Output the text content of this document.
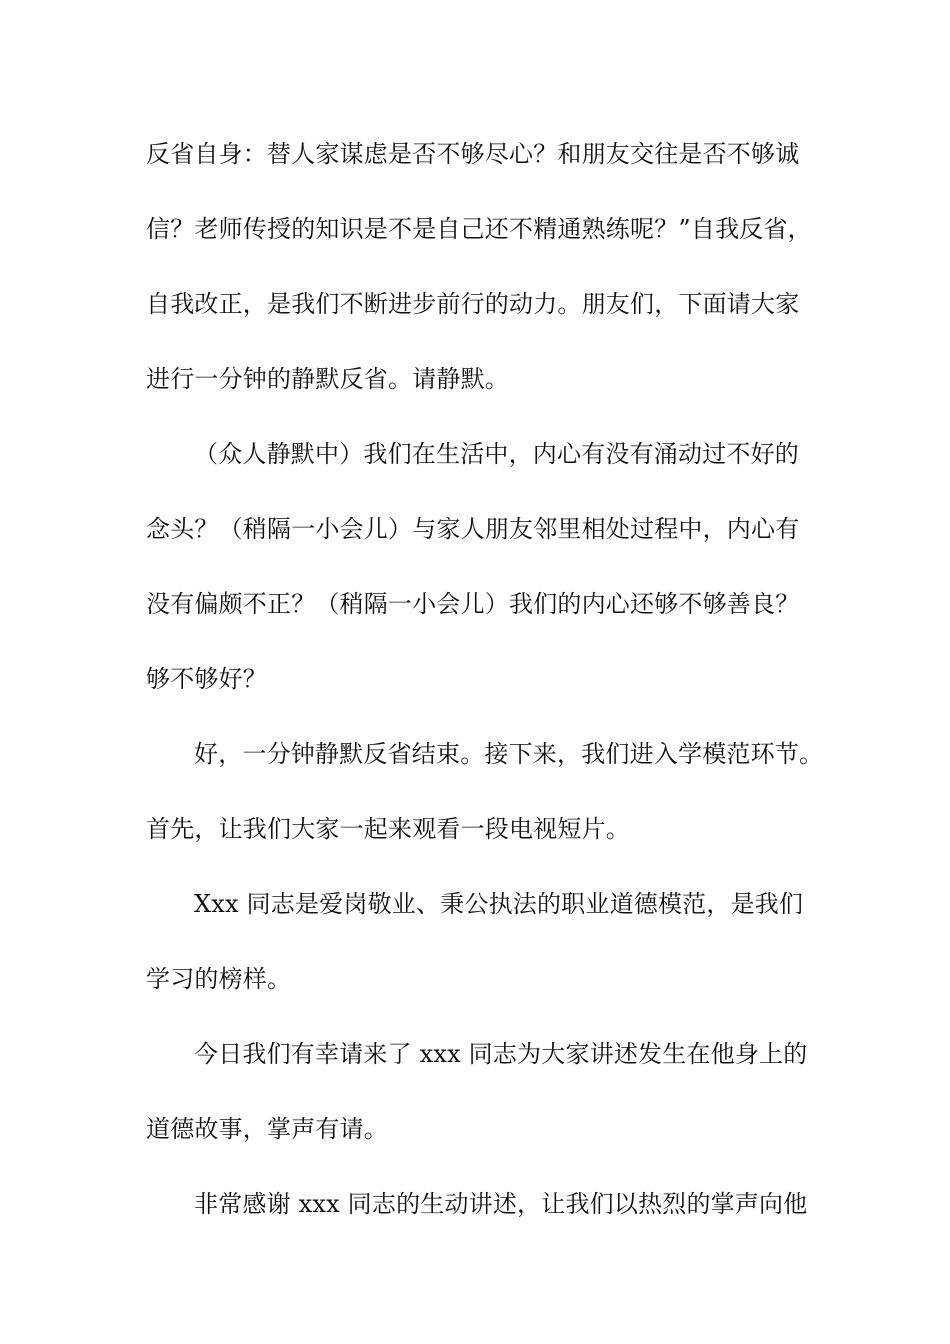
反省自身：替人家谋虑是否不够尽心？和朋友交往是否不够诚
信？老师传授的知识是不是自己还不精通熟练呢？”自我反省，
自我改正，是我们不断进步前行的动力。朋友们，下面请大家
进行一分钟的静默反省。请静默。
（众人静默中）我们在生活中，内心有没有涌动过不好的
念头？（稍隔一小会儿）与家人朋友邻里相处过程中，内心有
没有偏颇不正？（稍隔一小会儿）我们的内心还够不够善良？
够不够好？
好，一分钟静默反省结束。接下来，我们进入学模范环节。
首先，让我们大家一起来观看一段电视短片。
Xxx 同志是爱岗敬业、秉公执法的职业道德模范，是我们
学习的榜样。
今日我们有幸请来了 xxx 同志为大家讲述发生在他身上的
道德故事，掌声有请。
非常感谢 xxx 同志的生动讲述，让我们以热烈的掌声向他
